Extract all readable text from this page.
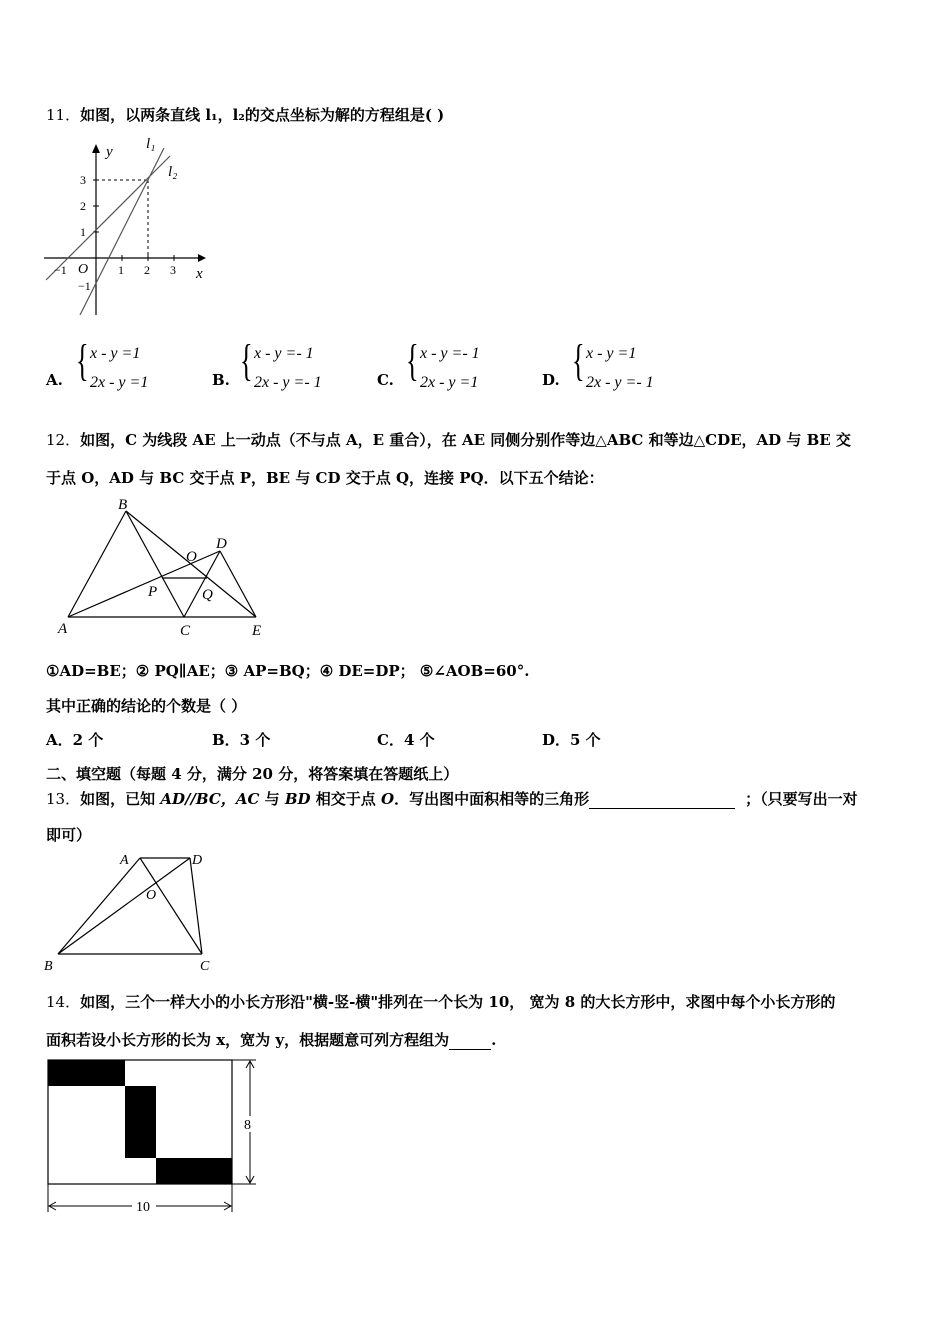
11．如图，以两条直线 l₁，l₂的交点坐标为解的方程组是( )
y
x
O
l₁
l₂
−1	1 2 3
3
2
1
−1
A. { x - y =1
2x - y =1	B. { x - y =- 1
2x - y =- 1	C. { x - y =- 1
2x - y =1	D. { x - y =1
2x - y =- 1
12．如图，C 为线段 AE 上一动点（不与点 A，E 重合），在 AE 同侧分别作等边△ABC 和等边△CDE，AD 与 BE 交
于点 O，AD 与 BC 交于点 P，BE 与 CD 交于点 Q，连接 PQ．以下五个结论：
B
D
O
P	Q
A	C	E
①AD=BE；② PQ∥AE；③ AP=BQ；④ DE=DP； ⑤∠AOB=60°.
其中正确的结论的个数是（ ）
A．2 个	B．3 个	C．4 个	D．5 个
二、填空题（每题 4 分，满分 20 分，将答案填在答题纸上）
13．如图，已知 AD//BC，AC 与 BD 相交于点 O．写出图中面积相等的三角形	；（只要写出一对
即可）
A	D
O
B	C
14．如图，三个一样大小的小长方形沿"横-竖-横"排列在一个长为 10， 宽为 8 的大长方形中，求图中每个小长方形的
面积若设小长方形的长为 x，宽为 y，根据题意可列方程组为	.
8
10
